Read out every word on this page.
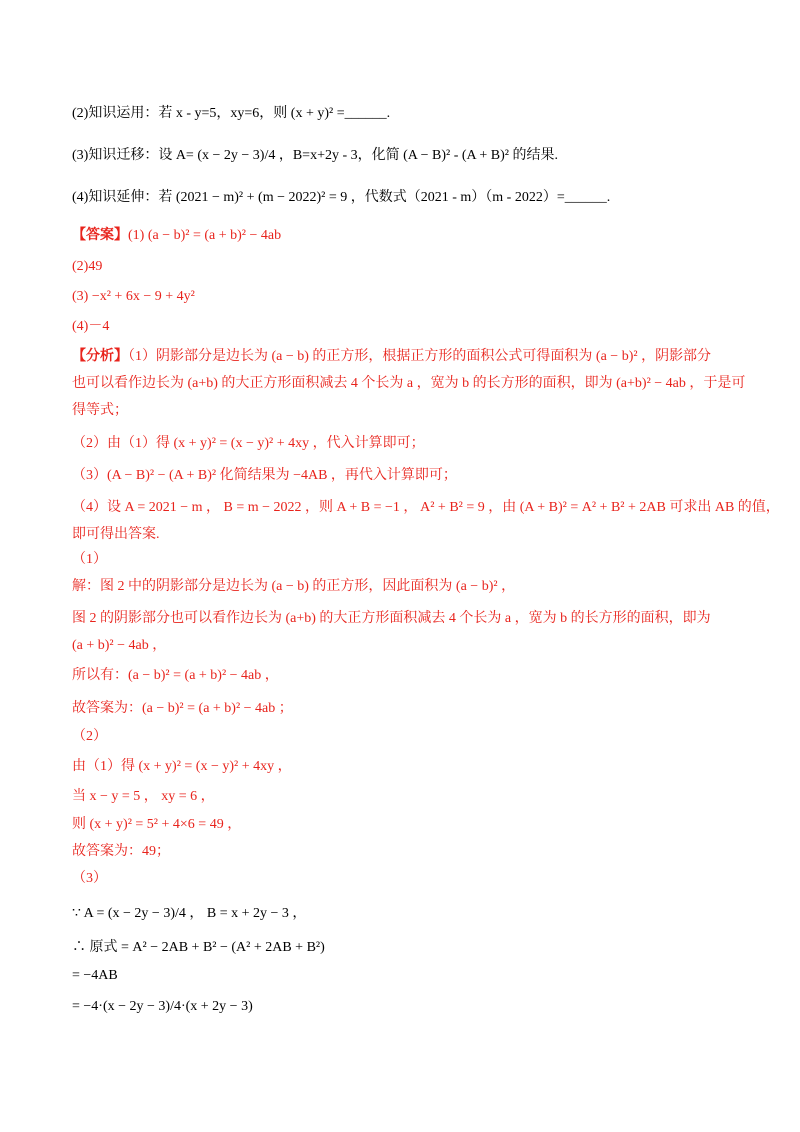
(2)知识运用：若 x - y=5，xy=6，则 (x + y)² =______.
(3)知识迁移：设 A= (x − 2y − 3)/4 ，B=x+2y - 3，化简 (A − B)² - (A + B)² 的结果.
(4)知识延伸：若 (2021 − m)² + (m − 2022)² = 9 ，代数式（2021 - m）（m - 2022）=______.
【答案】(1) (a − b)² = (a + b)² − 4ab
(2)49
(3) −x² + 6x − 9 + 4y²
(4)－4
【分析】（1）阴影部分是边长为 (a − b) 的正方形，根据正方形的面积公式可得面积为 (a − b)² ，阴影部分
也可以看作边长为 (a+b) 的大正方形面积减去 4 个长为 a ，宽为 b 的长方形的面积，即为 (a+b)² − 4ab ，于是可
得等式；
（2）由（1）得 (x + y)² = (x − y)² + 4xy ，代入计算即可；
（3）(A − B)² − (A + B)² 化简结果为 −4AB ，再代入计算即可；
（4）设 A = 2021 − m ， B = m − 2022 ，则 A + B = −1 ， A² + B² = 9 ，由 (A + B)² = A² + B² + 2AB 可求出 AB 的值，
即可得出答案.
（1）
解：图 2 中的阴影部分是边长为 (a − b) 的正方形，因此面积为 (a − b)² ，
图 2 的阴影部分也可以看作边长为 (a+b) 的大正方形面积减去 4 个长为 a ，宽为 b 的长方形的面积，即为
(a + b)² − 4ab ，
所以有：(a − b)² = (a + b)² − 4ab ，
故答案为：(a − b)² = (a + b)² − 4ab ；
（2）
由（1）得 (x + y)² = (x − y)² + 4xy ，
当 x − y = 5 ， xy = 6 ，
则 (x + y)² = 5² + 4×6 = 49 ，
故答案为：49；
（3）
∵ A = (x − 2y − 3)/4 ， B = x + 2y − 3 ，
∴ 原式 = A² − 2AB + B² − (A² + 2AB + B²)
= −4AB
= −4·(x − 2y − 3)/4·(x + 2y − 3)
